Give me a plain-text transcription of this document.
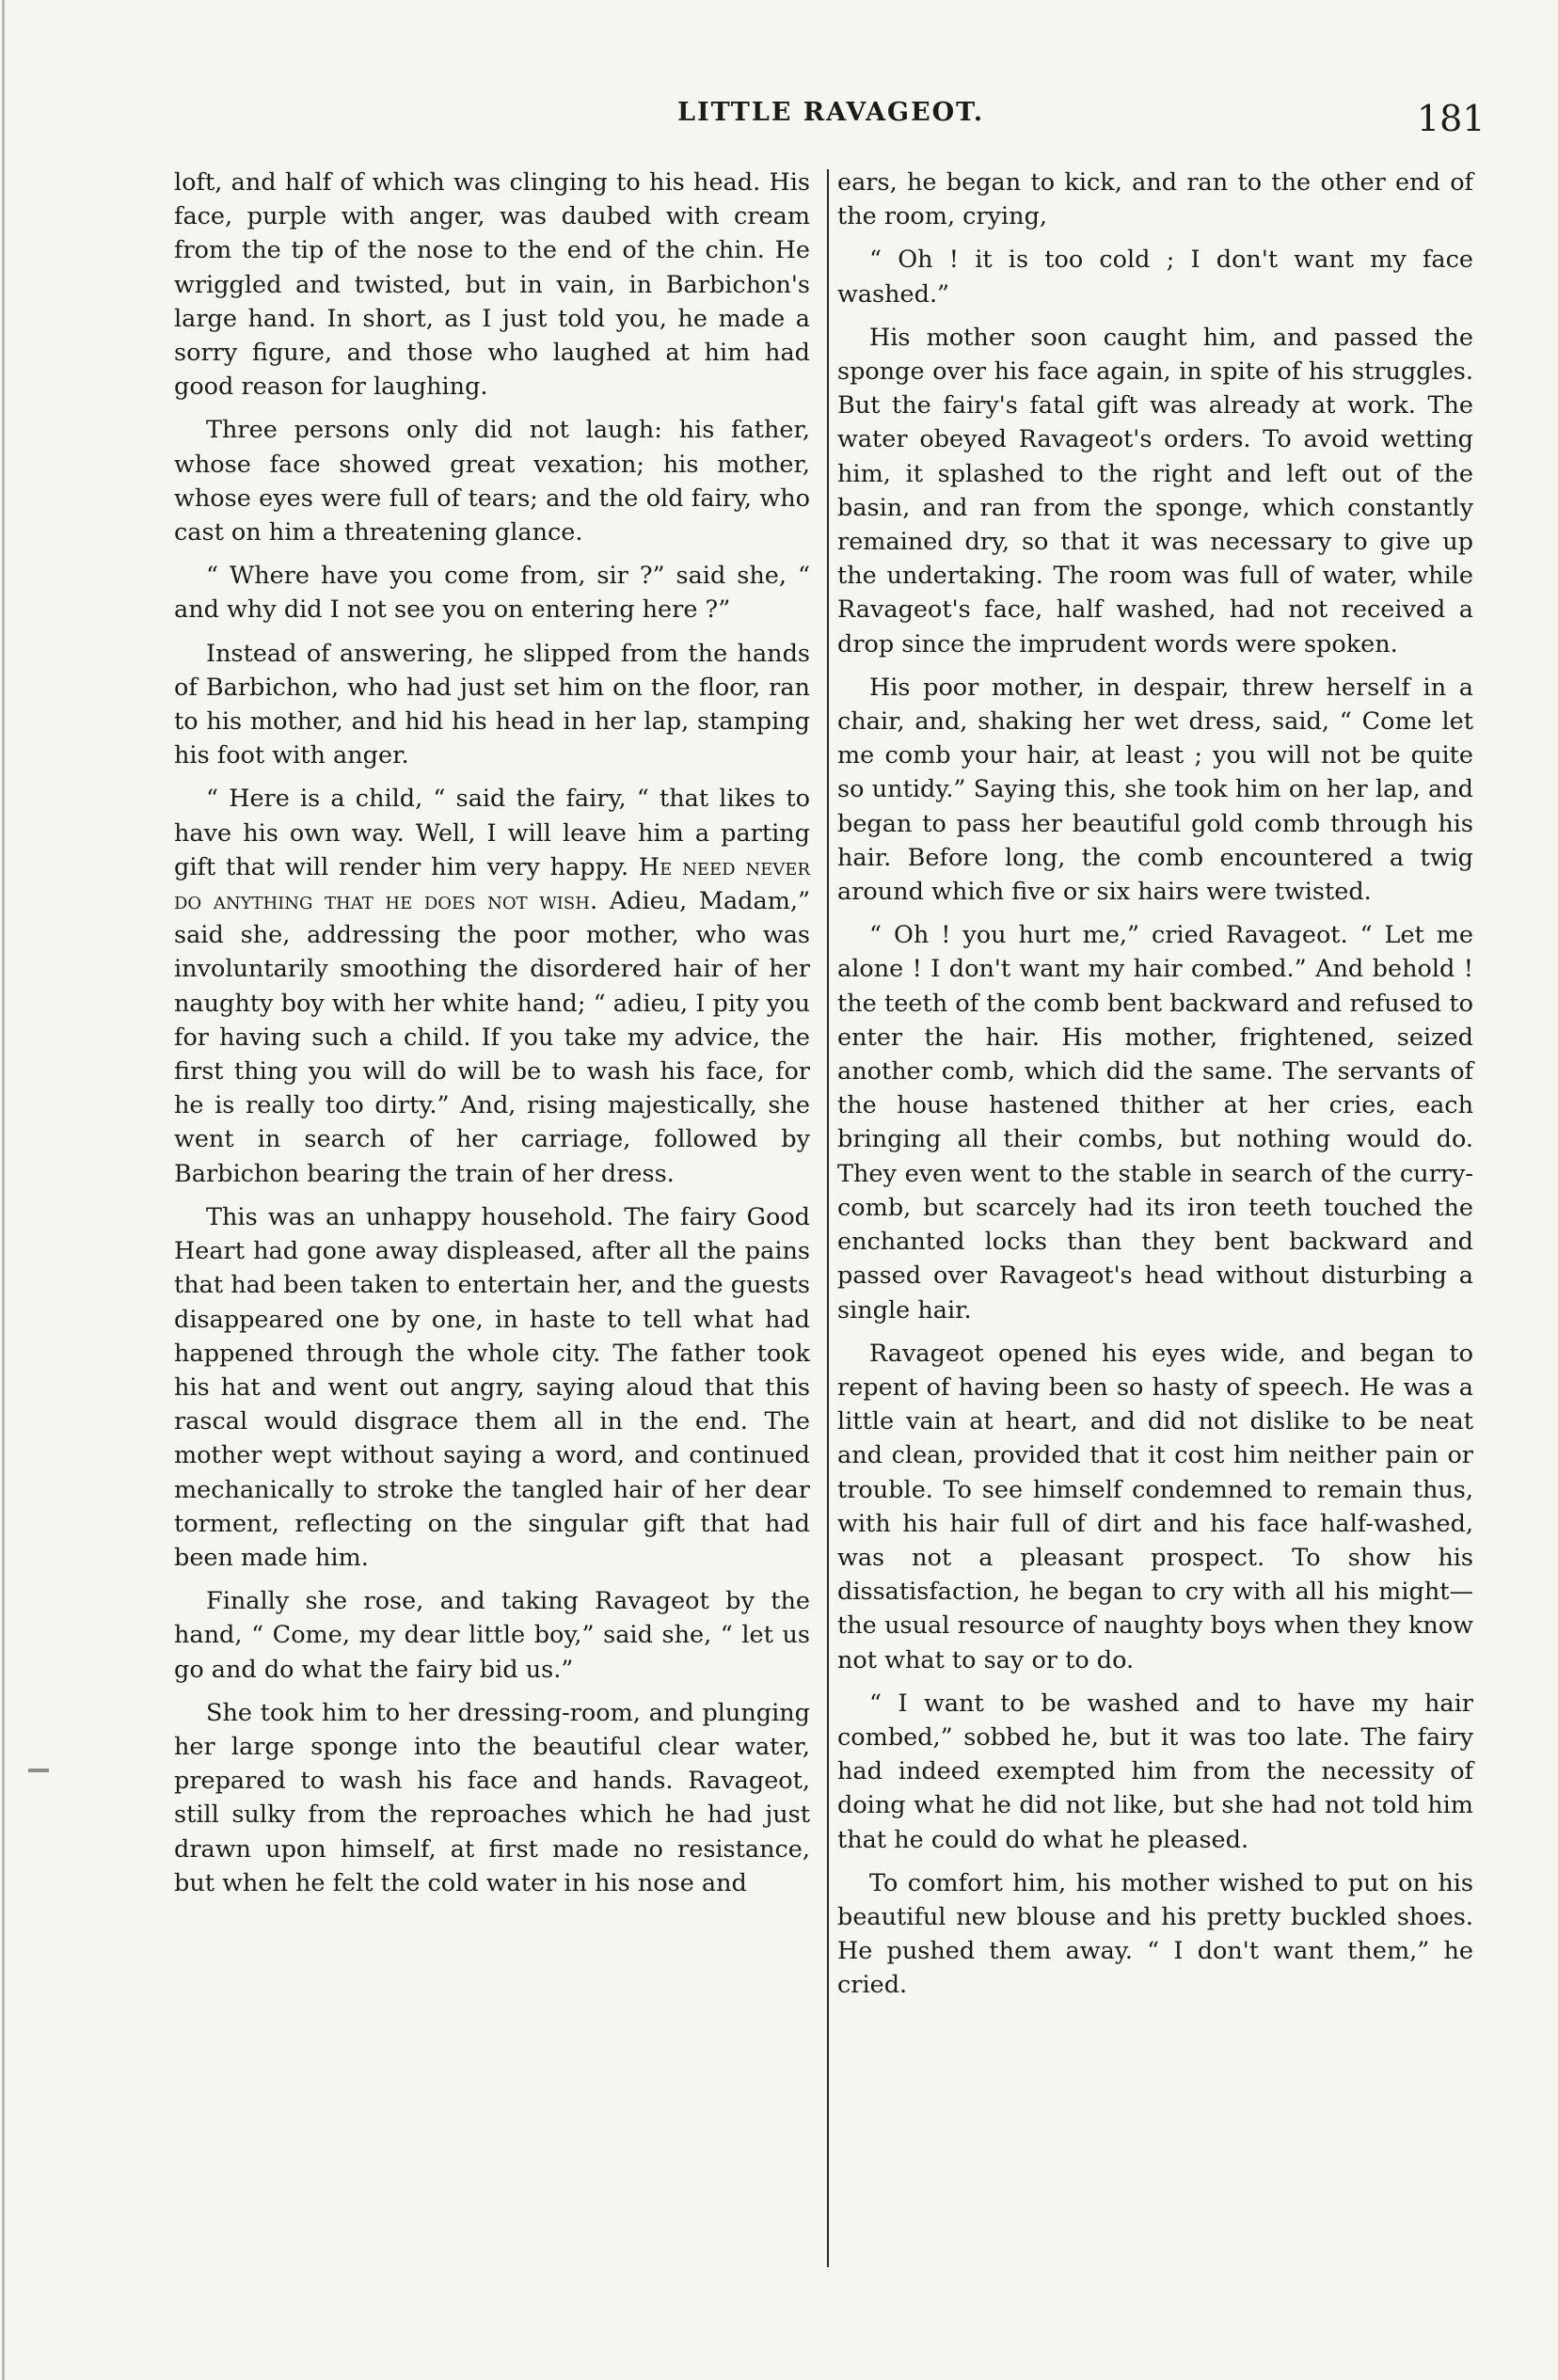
LITTLE RAVAGEOT.	181

loft, and half of which was clinging to his head. His face, purple with anger, was daubed with cream from the tip of the nose to the end of the chin. He wriggled and twisted, but in vain, in Barbichon's large hand. In short, as I just told you, he made a sorry figure, and those who laughed at him had good reason for laughing.

Three persons only did not laugh: his father, whose face showed great vexation; his mother, whose eyes were full of tears; and the old fairy, who cast on him a threatening glance.

“ Where have you come from, sir ?” said she, “ and why did I not see you on entering here ?”

Instead of answering, he slipped from the hands of Barbichon, who had just set him on the floor, ran to his mother, and hid his head in her lap, stamping his foot with anger.

“ Here is a child, “ said the fairy, “ that likes to have his own way. Well, I will leave him a parting gift that will render him very happy. He need never do anything that he does not wish. Adieu, Madam,” said she, addressing the poor mother, who was involuntarily smoothing the disordered hair of her naughty boy with her white hand; “ adieu, I pity you for having such a child. If you take my advice, the first thing you will do will be to wash his face, for he is really too dirty.” And, rising majestically, she went in search of her carriage, followed by Barbichon bearing the train of her dress.

This was an unhappy household. The fairy Good Heart had gone away displeased, after all the pains that had been taken to entertain her, and the guests disappeared one by one, in haste to tell what had happened through the whole city. The father took his hat and went out angry, saying aloud that this rascal would disgrace them all in the end. The mother wept without saying a word, and continued mechanically to stroke the tangled hair of her dear torment, reflecting on the singular gift that had been made him.

Finally she rose, and taking Ravageot by the hand, “ Come, my dear little boy,” said she, “ let us go and do what the fairy bid us.”

She took him to her dressing-room, and plunging her large sponge into the beautiful clear water, prepared to wash his face and hands. Ravageot, still sulky from the reproaches which he had just drawn upon himself, at first made no resistance, but when he felt the cold water in his nose and

ears, he began to kick, and ran to the other end of the room, crying,

“ Oh ! it is too cold ; I don't want my face washed.”

His mother soon caught him, and passed the sponge over his face again, in spite of his struggles. But the fairy's fatal gift was already at work. The water obeyed Ravageot's orders. To avoid wetting him, it splashed to the right and left out of the basin, and ran from the sponge, which constantly remained dry, so that it was necessary to give up the undertaking. The room was full of water, while Ravageot's face, half washed, had not received a drop since the imprudent words were spoken.

His poor mother, in despair, threw herself in a chair, and, shaking her wet dress, said, “ Come let me comb your hair, at least ; you will not be quite so untidy.” Saying this, she took him on her lap, and began to pass her beautiful gold comb through his hair. Before long, the comb encountered a twig around which five or six hairs were twisted.

“ Oh ! you hurt me,” cried Ravageot. “ Let me alone ! I don't want my hair combed.” And behold ! the teeth of the comb bent backward and refused to enter the hair. His mother, frightened, seized another comb, which did the same. The servants of the house hastened thither at her cries, each bringing all their combs, but nothing would do. They even went to the stable in search of the curry-comb, but scarcely had its iron teeth touched the enchanted locks than they bent backward and passed over Ravageot's head without disturbing a single hair.

Ravageot opened his eyes wide, and began to repent of having been so hasty of speech. He was a little vain at heart, and did not dislike to be neat and clean, provided that it cost him neither pain or trouble. To see himself condemned to remain thus, with his hair full of dirt and his face half-washed, was not a pleasant prospect. To show his dissatisfaction, he began to cry with all his might—the usual resource of naughty boys when they know not what to say or to do.

“ I want to be washed and to have my hair combed,” sobbed he, but it was too late. The fairy had indeed exempted him from the necessity of doing what he did not like, but she had not told him that he could do what he pleased.

To comfort him, his mother wished to put on his beautiful new blouse and his pretty buckled shoes. He pushed them away. “ I don't want them,” he cried.
